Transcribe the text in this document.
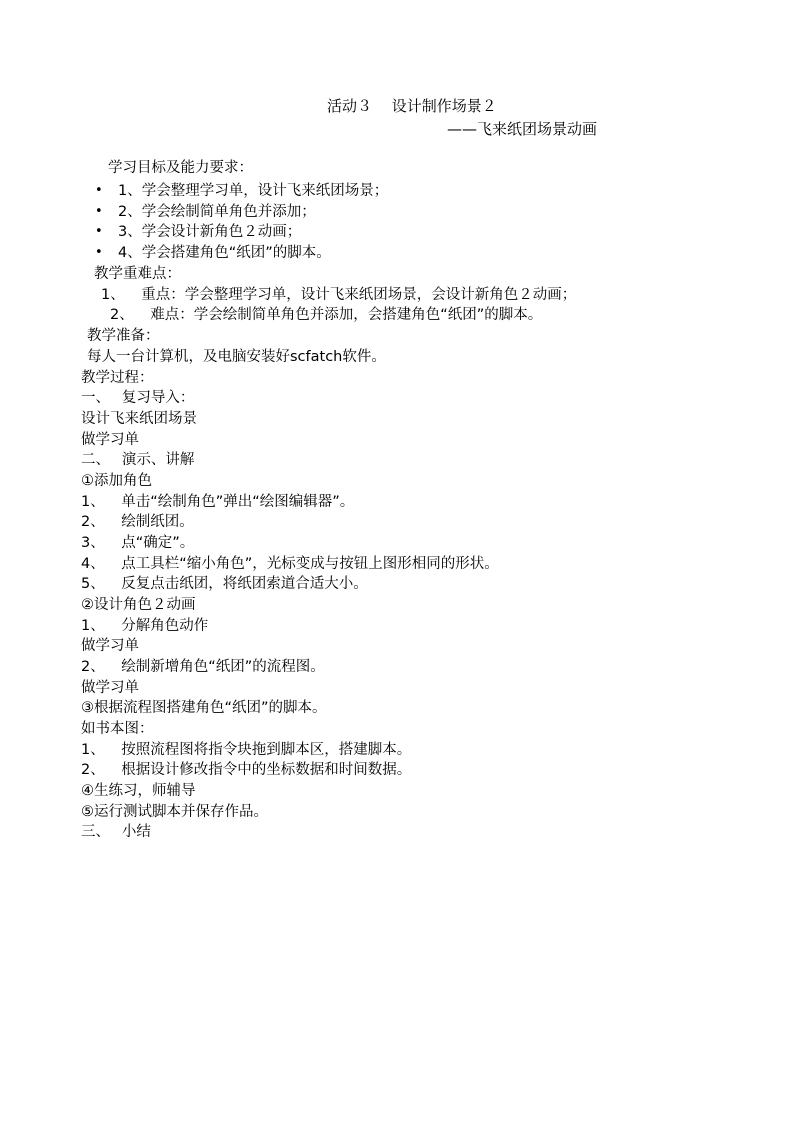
活动３　 设计制作场景２
——飞来纸团场景动画
学习目标及能力要求：
• 1、学会整理学习单，设计飞来纸团场景；
• 2、学会绘制简单角色并添加；
• 3、学会设计新角色２动画；
• 4、学会搭建角色“纸团”的脚本。
教学重难点：
1、　  重点：学会整理学习单，设计飞来纸团场景，会设计新角色２动画；
2、　  难点：学会绘制简单角色并添加，会搭建角色“纸团”的脚本。
教学准备：
每人一台计算机，及电脑安装好scfatch软件。
教学过程：
一、　 复习导入：
设计飞来纸团场景
做学习单
二、　 演示、讲解
①添加角色
1、　  单击“绘制角色”弹出“绘图编辑器”。
2、　  绘制纸团。
3、　  点“确定”。
4、　  点工具栏“缩小角色”，光标变成与按钮上图形相同的形状。
5、　  反复点击纸团，将纸团索道合适大小。
②设计角色２动画
1、　  分解角色动作
做学习单
2、　  绘制新增角色“纸团”的流程图。
做学习单
③根据流程图搭建角色“纸团”的脚本。
如书本图：
1、　  按照流程图将指令块拖到脚本区，搭建脚本。
2、　  根据设计修改指令中的坐标数据和时间数据。
④生练习，师辅导
⑤运行测试脚本并保存作品。
三、　 小结
